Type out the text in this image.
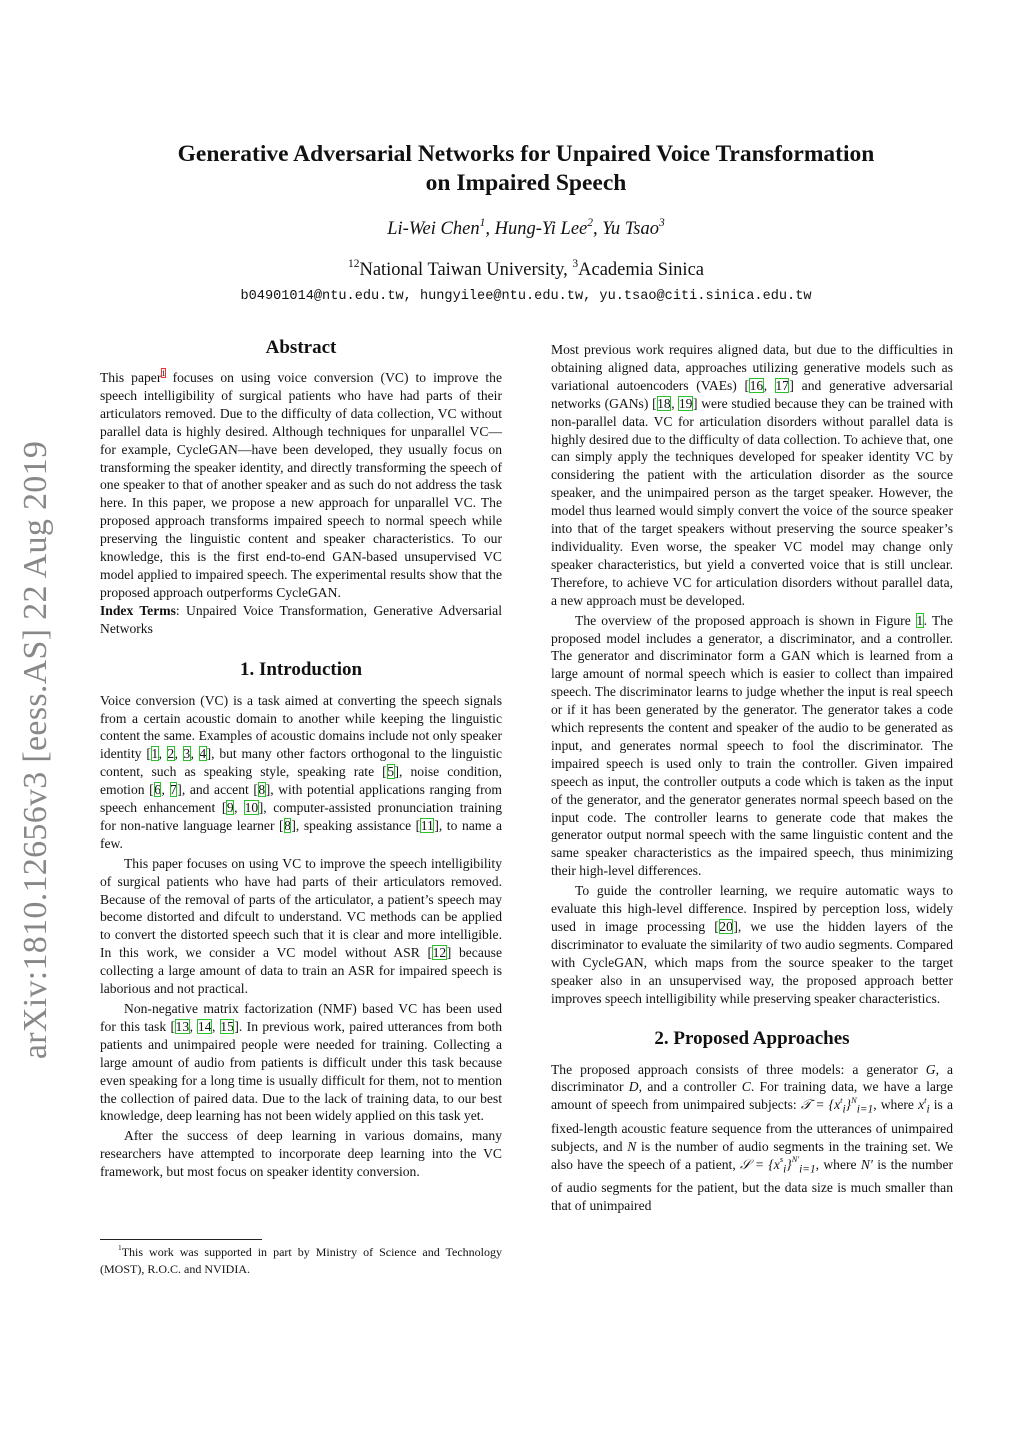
arXiv:1810.12656v3 [eess.AS] 22 Aug 2019
Generative Adversarial Networks for Unpaired Voice Transformation
on Impaired Speech
Li-Wei Chen$^1$, Hung-Yi Lee$^2$, Yu Tsao$^3$
$^{12}$National Taiwan University, $^3$Academia Sinica
b04901014@ntu.edu.tw, hungyilee@ntu.edu.tw, yu.tsao@citi.sinica.edu.tw
Abstract

This paper$^1$ focuses on using voice conversion (VC) to improve the speech intelligibility of surgical patients who have had parts of their articulators removed. Due to the difficulty of data collection, VC without parallel data is highly desired. Although techniques for unparallel VC—for example, CycleGAN—have been developed, they usually focus on transforming the speaker identity, and directly transforming the speech of one speaker to that of another speaker and as such do not address the task here. In this paper, we propose a new approach for unparallel VC. The proposed approach transforms impaired speech to normal speech while preserving the linguistic content and speaker characteristics. To our knowledge, this is the first end-to-end GAN-based unsupervised VC model applied to impaired speech. The experimental results show that the proposed approach outperforms CycleGAN.

Index Terms: Unpaired Voice Transformation, Generative Adversarial Networks

1. Introduction

Voice conversion (VC) is a task aimed at converting the speech signals from a certain acoustic domain to another while keeping the linguistic content the same. Examples of acoustic domains include not only speaker identity [1, 2, 3, 4], but many other factors orthogonal to the linguistic content, such as speaking style, speaking rate [5], noise condition, emotion [6, 7], and accent [8], with potential applications ranging from speech enhancement [9, 10], computer-assisted pronunciation training for non-native language learner [8], speaking assistance [11], to name a few.

This paper focuses on using VC to improve the speech intelligibility of surgical patients who have had parts of their articulators removed. Because of the removal of parts of the articulator, a patient’s speech may become distorted and difcult to understand. VC methods can be applied to convert the distorted speech such that it is clear and more intelligible. In this work, we consider a VC model without ASR [12] because collecting a large amount of data to train an ASR for impaired speech is laborious and not practical.

Non-negative matrix factorization (NMF) based VC has been used for this task [13, 14, 15]. In previous work, paired utterances from both patients and unimpaired people were needed for training. Collecting a large amount of audio from patients is difficult under this task because even speaking for a long time is usually difficult for them, not to mention the collection of paired data. Due to the lack of training data, to our best knowledge, deep learning has not been widely applied on this task yet.

After the success of deep learning in various domains, many researchers have attempted to incorporate deep learning into the VC framework, but most focus on speaker identity conversion.

$^1$This work was supported in part by Ministry of Science and Technology (MOST), R.O.C. and NVIDIA.

Most previous work requires aligned data, but due to the difficulties in obtaining aligned data, approaches utilizing generative models such as variational autoencoders (VAEs) [16, 17] and generative adversarial networks (GANs) [18, 19] were studied because they can be trained with non-parallel data. VC for articulation disorders without parallel data is highly desired due to the difficulty of data collection. To achieve that, one can simply apply the techniques developed for speaker identity VC by considering the patient with the articulation disorder as the source speaker, and the unimpaired person as the target speaker. However, the model thus learned would simply convert the voice of the source speaker into that of the target speakers without preserving the source speaker’s individuality. Even worse, the speaker VC model may change only speaker characteristics, but yield a converted voice that is still unclear. Therefore, to achieve VC for articulation disorders without parallel data, a new approach must be developed.

The overview of the proposed approach is shown in Figure 1. The proposed model includes a generator, a discriminator, and a controller. The generator and discriminator form a GAN which is learned from a large amount of normal speech which is easier to collect than impaired speech. The discriminator learns to judge whether the input is real speech or if it has been generated by the generator. The generator takes a code which represents the content and speaker of the audio to be generated as input, and generates normal speech to fool the discriminator. The impaired speech is used only to train the controller. Given impaired speech as input, the controller outputs a code which is taken as the input of the generator, and the generator generates normal speech based on the input code. The controller learns to generate code that makes the generator output normal speech with the same linguistic content and the same speaker characteristics as the impaired speech, thus minimizing their high-level differences.

To guide the controller learning, we require automatic ways to evaluate this high-level difference. Inspired by perception loss, widely used in image processing [20], we use the hidden layers of the discriminator to evaluate the similarity of two audio segments. Compared with CycleGAN, which maps from the source speaker to the target speaker also in an unsupervised way, the proposed approach better improves speech intelligibility while preserving speaker characteristics.

2. Proposed Approaches

The proposed approach consists of three models: a generator G, a discriminator D, and a controller C. For training data, we have a large amount of speech from unimpaired subjects: 𝒯 = $\{x^t_i\}^N_{i=1}$, where $x^t_i$ is a fixed-length acoustic feature sequence from the utterances of unimpaired subjects, and N is the number of audio segments in the training set. We also have the speech of a patient, 𝒮 = $\{x^s_i\}^{N'}_{i=1}$, where N′ is the number of audio segments for the patient, but the data size is much smaller than that of unimpaired
